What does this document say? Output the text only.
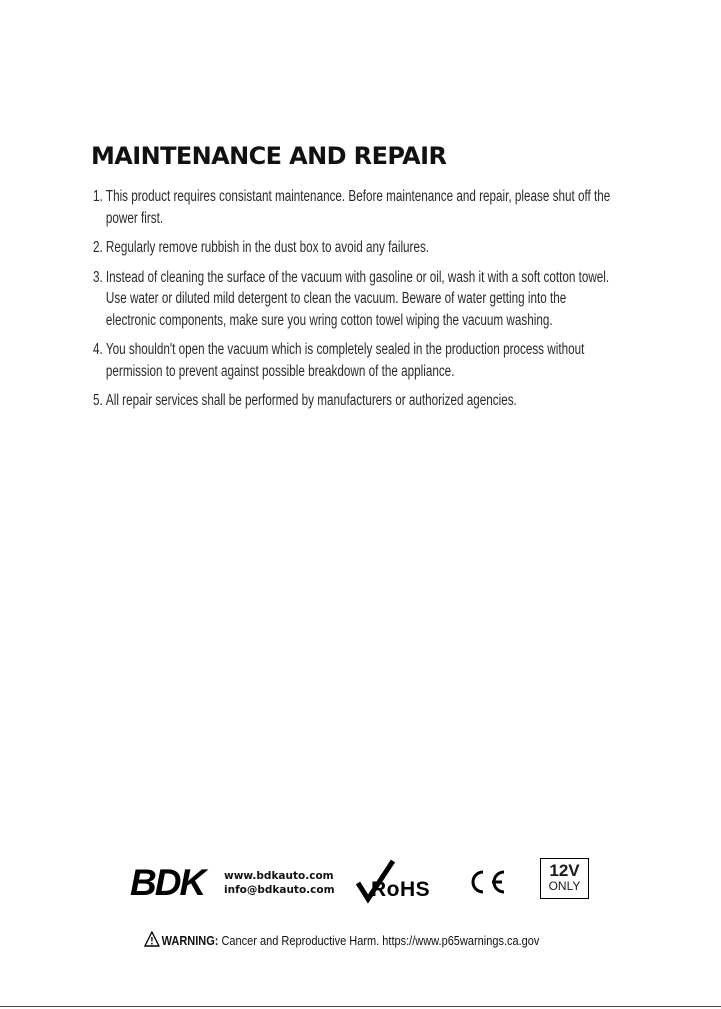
MAINTENANCE AND REPAIR
1. This product requires consistant maintenance. Before maintenance and repair, please shut off the power first.
2. Regularly remove rubbish in the dust box to avoid any failures.
3. Instead of cleaning the surface of the vacuum with gasoline or oil, wash it with a soft cotton towel. Use water or diluted mild detergent to clean the vacuum. Beware of water getting into the electronic components, make sure you wring cotton towel wiping the vacuum washing.
4. You shouldn't open the vacuum which is completely sealed in the production process without permission to prevent against possible breakdown of the appliance.
5. All repair services shall be performed by manufacturers or authorized agencies.
BDK www.bdkauto.com
info@bdkauto.com RoHS
12V
ONLY
WARNING: Cancer and Reproductive Harm. https://www.p65warnings.ca.gov
